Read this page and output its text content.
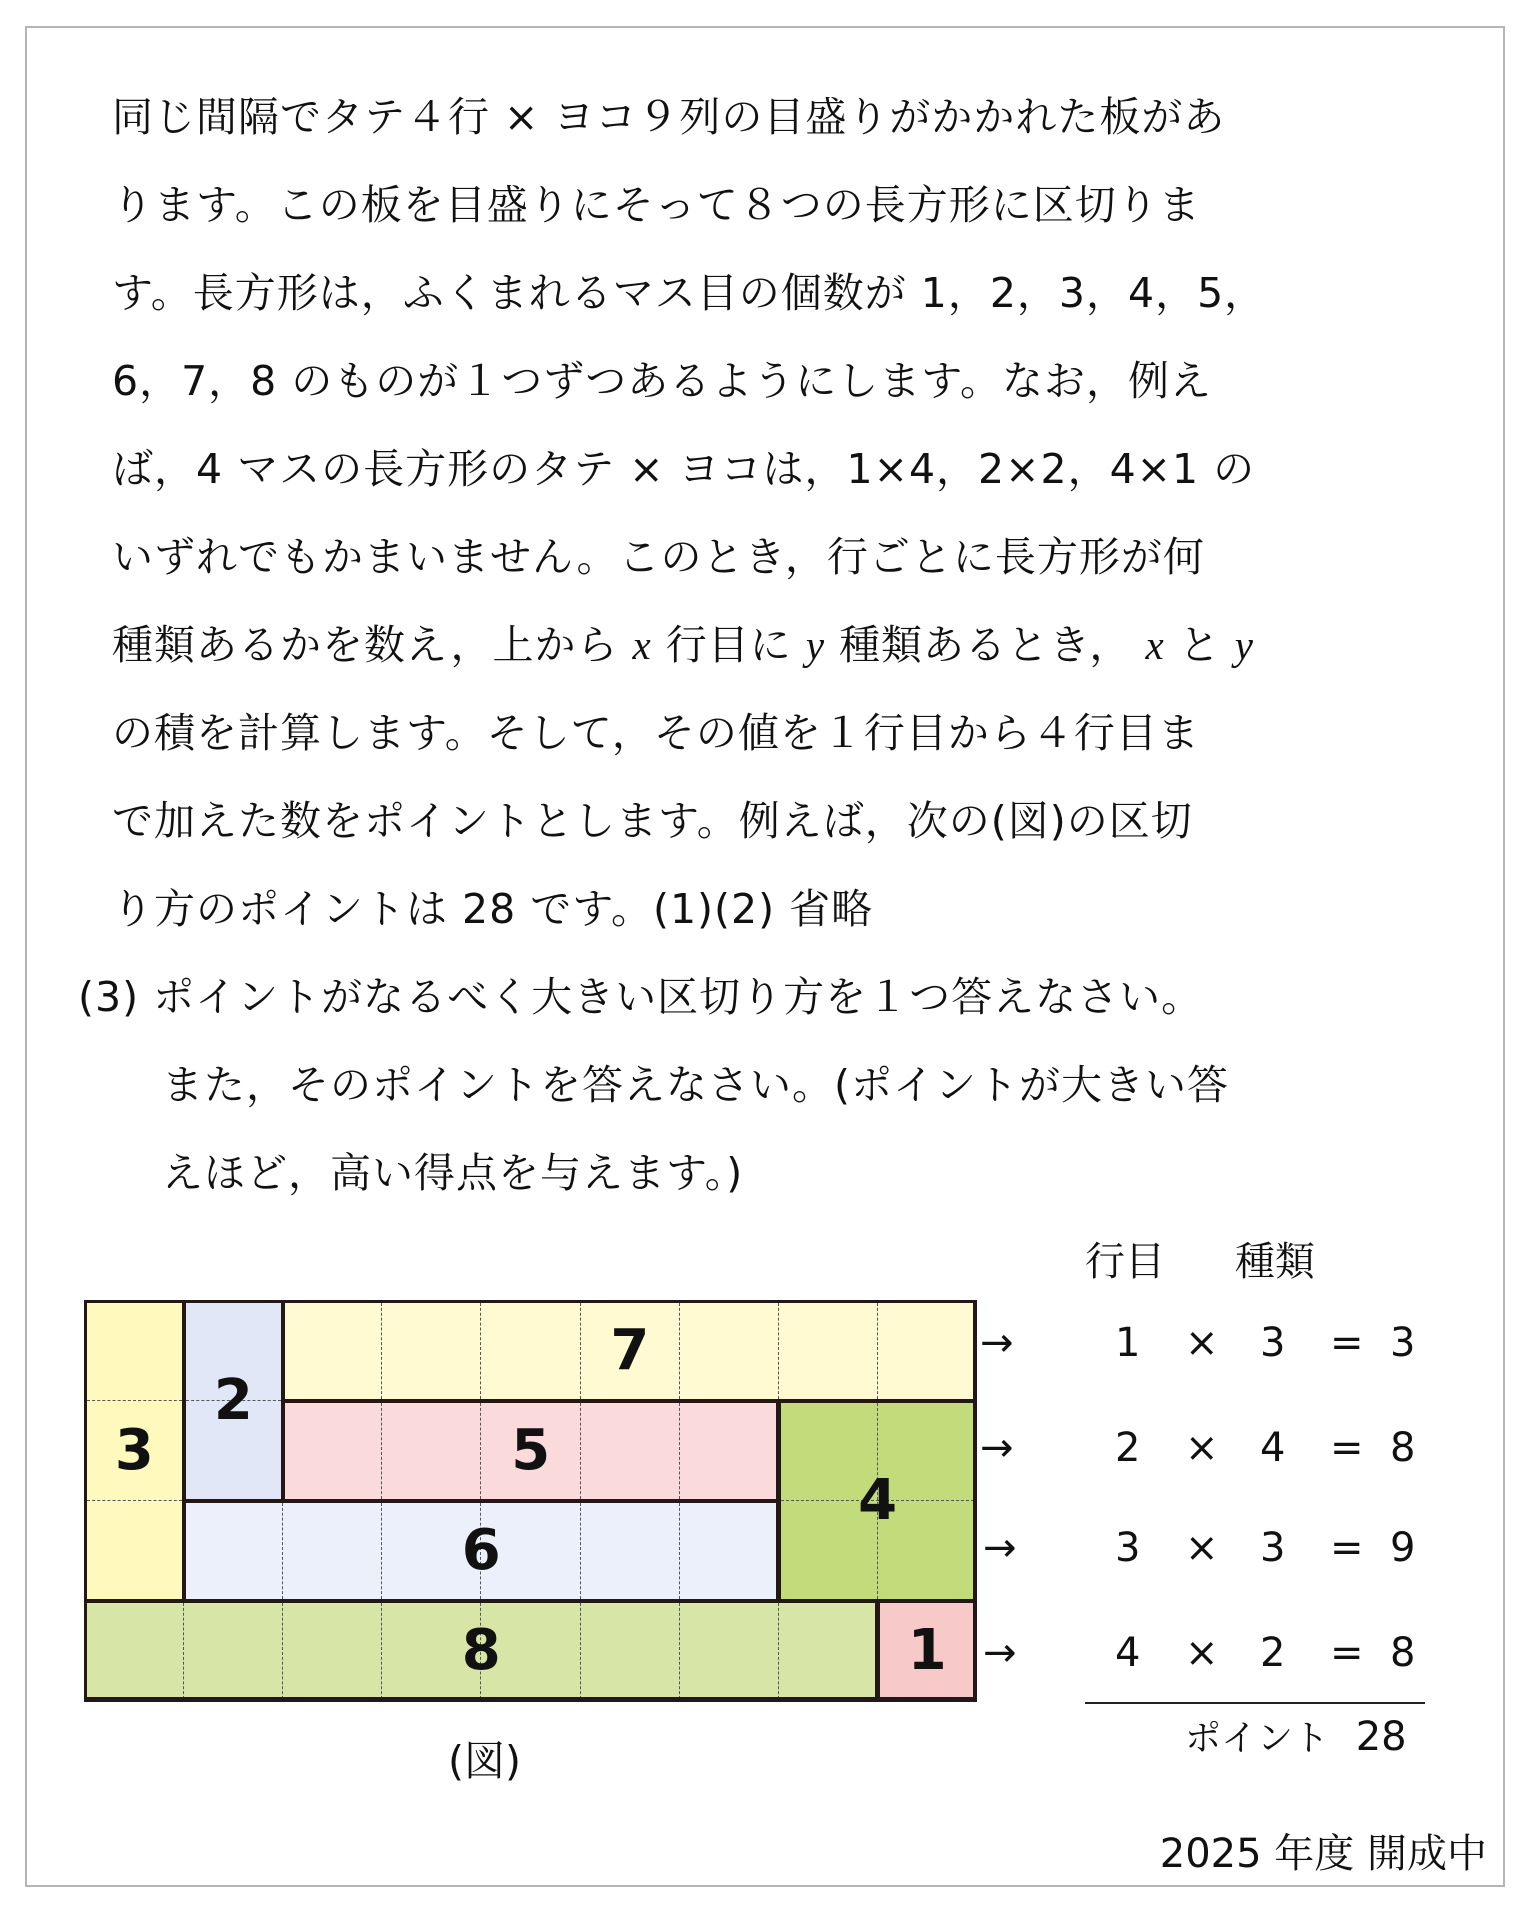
同じ間隔でタテ４行 × ヨコ９列の目盛りがかかれた板があ
ります。この板を目盛りにそって８つの長方形に区切りま
す。長方形は，ふくまれるマス目の個数が 1，2，3，4，5，
6，7，8 のものが１つずつあるようにします。なお，例え
ば，4 マスの長方形のタテ × ヨコは，1×4，2×2，4×1 の
いずれでもかまいません。このとき，行ごとに長方形が何
種類あるかを数え，上から x 行目に y 種類あるとき， x と y
の積を計算します。そして，その値を１行目から４行目ま
で加えた数をポイントとします。例えば，次の(図)の区切
り方のポイントは 28 です。(1)(2) 省略
(3) ポイントがなるべく大きい区切り方を１つ答えなさい。
また，そのポイントを答えなさい。(ポイントが大きい答
えほど，高い得点を与えます。)
3
2
7
5
4
6
8	1
(図)
行目 種類
→	1 × 3 = 3
→	2 × 4 = 8
→ 3 × 3 = 9
→ 4 × 2 = 8
ポイント 28
2025 年度 開成中
